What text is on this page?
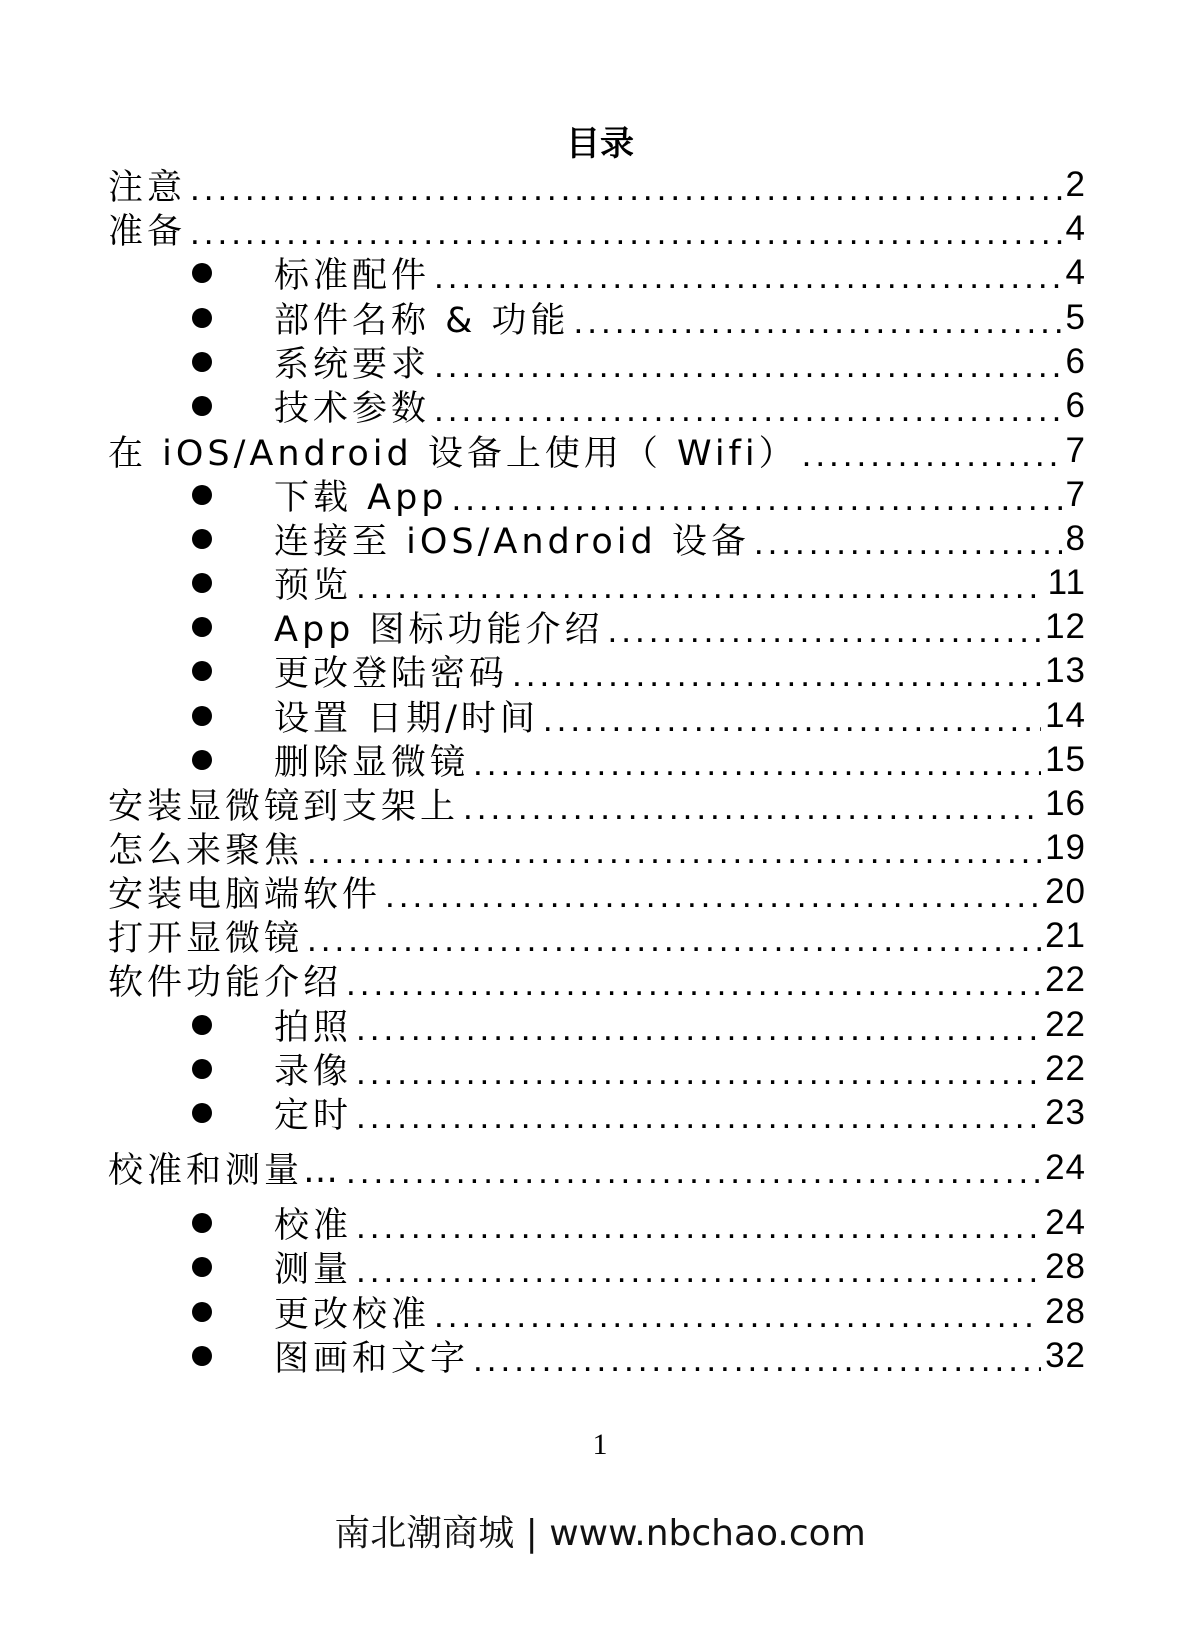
目录
注意 .....	2
准备 .....	4
标准配件 .....	4
部件名称 & 功能 .....	5
系统要求 .....	6
技术参数 .....	6
在 iOS/Android 设备上使用（ Wifi） .....	7
下载 App .....	7
连接至 iOS/Android 设备 .....	8
预览 .....	11
App 图标功能介绍 .....	12
更改登陆密码 .....	13
设置 日期/时间 .....	14
删除显微镜 .....	15
安装显微镜到支架上 .....	16
怎么来聚焦 .....	19
安装电脑端软件 .....	20
打开显微镜 .....	21
软件功能介绍 .....	22
拍照 .....	22
录像 .....	22
定时 .....	23
校准和测量… .....	24
校准 .....	24
测量 .....	28
更改校准 .....	28
图画和文字 .....	32
1
南北潮商城 | www.nbchao.com
